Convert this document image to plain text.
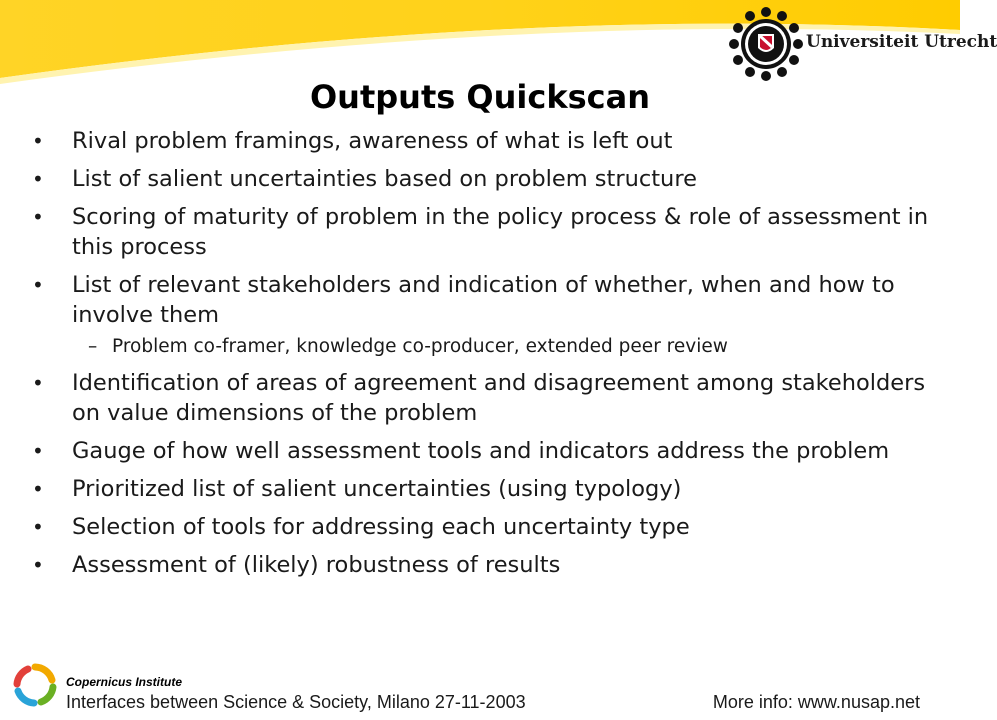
Universiteit Utrecht
Outputs Quickscan
• Rival problem framings, awareness of what is left out
• List of salient uncertainties based on problem structure
• Scoring of maturity of problem in the policy process & role of assessment in this process
• List of relevant stakeholders and indication of whether, when and how to involve them
– Problem co-framer, knowledge co-producer, extended peer review
• Identification of areas of agreement and disagreement among stakeholders on value dimensions of the problem
• Gauge of how well assessment tools and indicators address the problem
• Prioritized list of salient uncertainties (using typology)
• Selection of tools for addressing each uncertainty type
• Assessment of (likely) robustness of results
Copernicus Institute
Interfaces between Science & Society, Milano 27-11-2003	More info: www.nusap.net
